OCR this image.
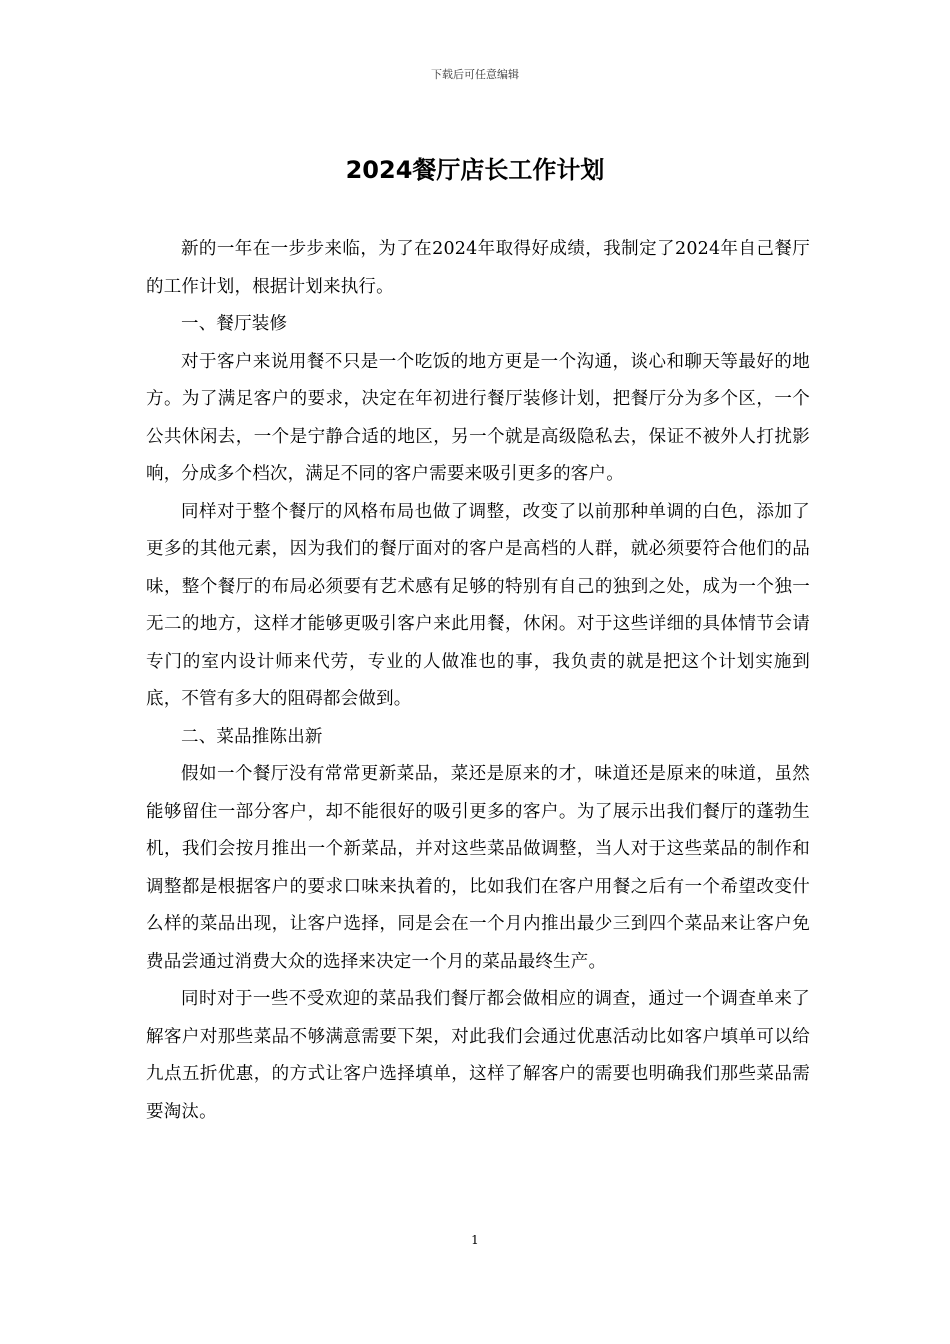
下载后可任意编辑
2024餐厅店长工作计划

新的一年在一步步来临，为了在2024年取得好成绩，我制定了2024年自己餐厅的工作计划，根据计划来执行。

一、餐厅装修

对于客户来说用餐不只是一个吃饭的地方更是一个沟通，谈心和聊天等最好的地方。为了满足客户的要求，决定在年初进行餐厅装修计划，把餐厅分为多个区，一个公共休闲去，一个是宁静合适的地区，另一个就是高级隐私去，保证不被外人打扰影响，分成多个档次，满足不同的客户需要来吸引更多的客户。

同样对于整个餐厅的风格布局也做了调整，改变了以前那种单调的白色，添加了更多的其他元素，因为我们的餐厅面对的客户是高档的人群，就必须要符合他们的品味，整个餐厅的布局必须要有艺术感有足够的特别有自己的独到之处，成为一个独一无二的地方，这样才能够更吸引客户来此用餐，休闲。对于这些详细的具体情节会请专门的室内设计师来代劳，专业的人做准也的事，我负责的就是把这个计划实施到底，不管有多大的阻碍都会做到。

二、菜品推陈出新

假如一个餐厅没有常常更新菜品，菜还是原来的才，味道还是原来的味道，虽然能够留住一部分客户，却不能很好的吸引更多的客户。为了展示出我们餐厅的蓬勃生机，我们会按月推出一个新菜品，并对这些菜品做调整，当人对于这些菜品的制作和调整都是根据客户的要求口味来执着的，比如我们在客户用餐之后有一个希望改变什么样的菜品出现，让客户选择，同是会在一个月内推出最少三到四个菜品来让客户免费品尝通过消费大众的选择来决定一个月的菜品最终生产。

同时对于一些不受欢迎的菜品我们餐厅都会做相应的调查，通过一个调查单来了解客户对那些菜品不够满意需要下架，对此我们会通过优惠活动比如客户填单可以给九点五折优惠，的方式让客户选择填单，这样了解客户的需要也明确我们那些菜品需要淘汰。

1
